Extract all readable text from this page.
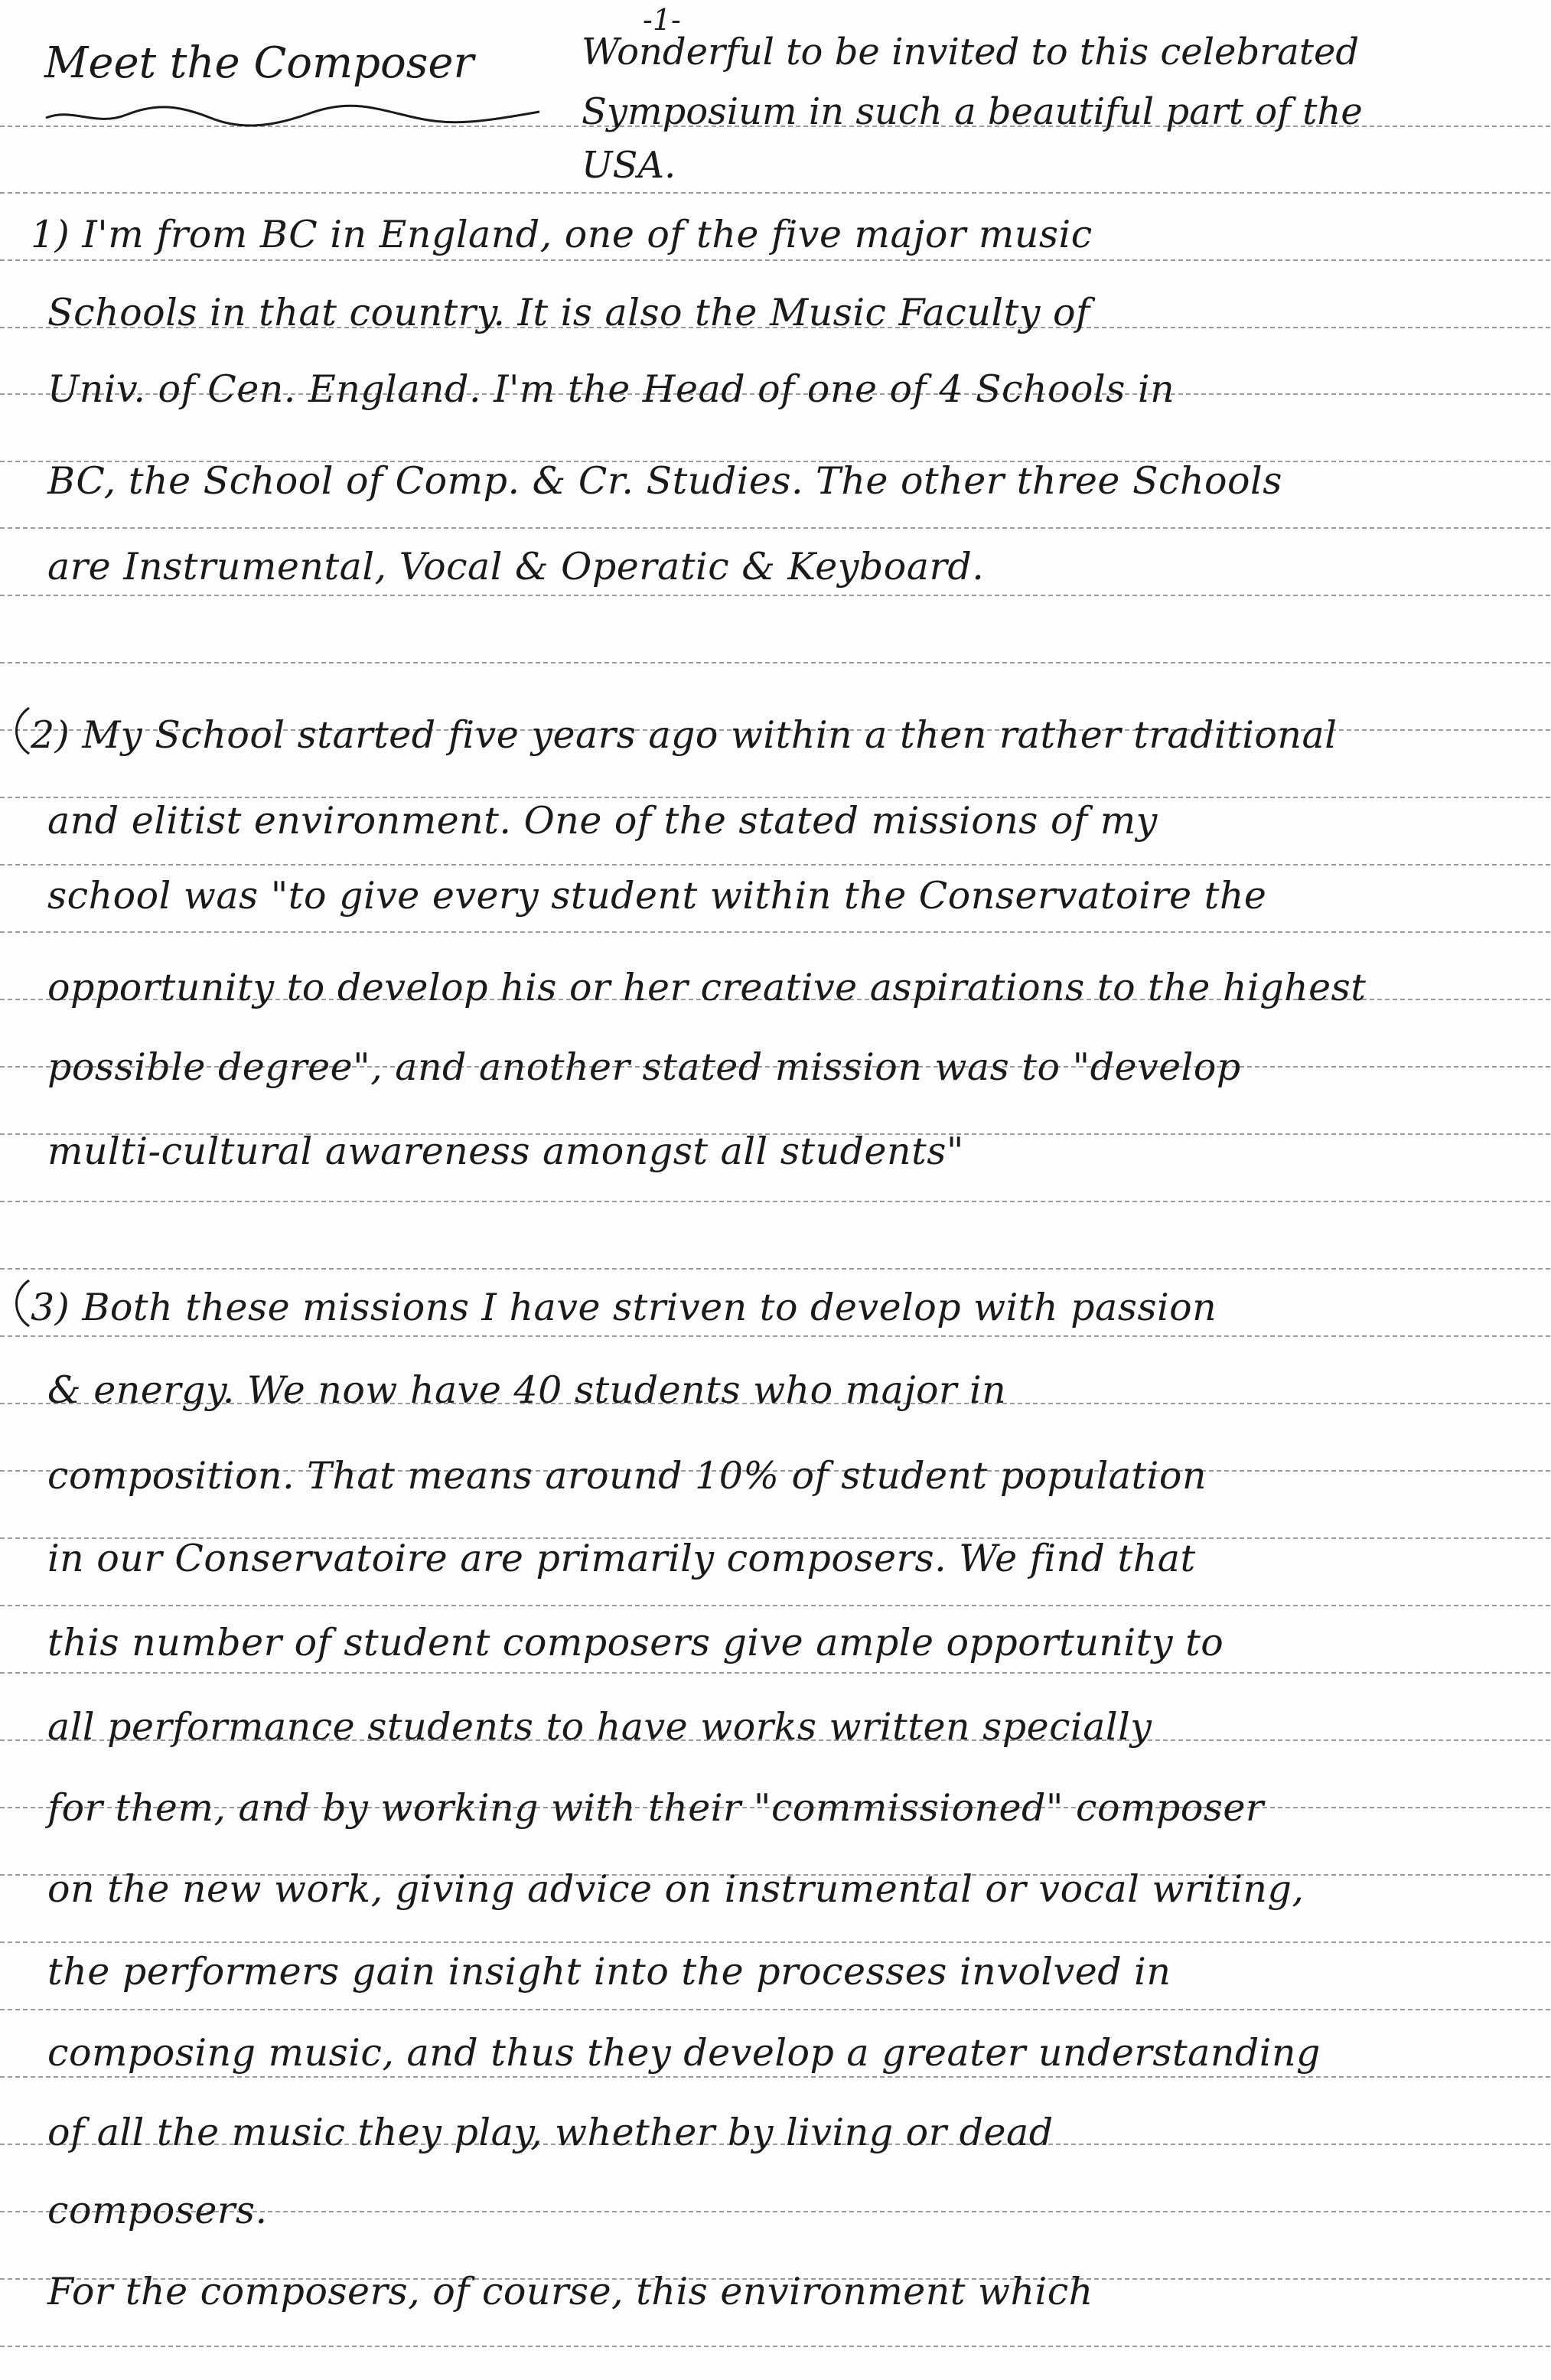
-1-
Meet the Composer	Wonderful to be invited to this celebrated
Symposium in such a beautiful part of the
USA.
1) I'm from BC in England, one of the five major music
Schools in that country. It is also the Music Faculty of
Univ. of Cen. England. I'm the Head of one of 4 Schools in
BC, the School of Comp. & Cr. Studies. The other three Schools
are Instrumental, Vocal & Operatic & Keyboard.
2) My School started five years ago within a then rather traditional
and elitist environment. One of the stated missions of my
school was "to give every student within the Conservatoire the
opportunity to develop his or her creative aspirations to the highest
possible degree", and another stated mission was to "develop
multi-cultural awareness amongst all students"
3) Both these missions I have striven to develop with passion
& energy. We now have 40 students who major in
composition. That means around 10% of student population
in our Conservatoire are primarily composers. We find that
this number of student composers give ample opportunity to
all performance students to have works written specially
for them, and by working with their "commissioned" composer
on the new work, giving advice on instrumental or vocal writing,
the performers gain insight into the processes involved in
composing music, and thus they develop a greater understanding
of all the music they play, whether by living or dead
composers.
For the composers, of course, this environment which
